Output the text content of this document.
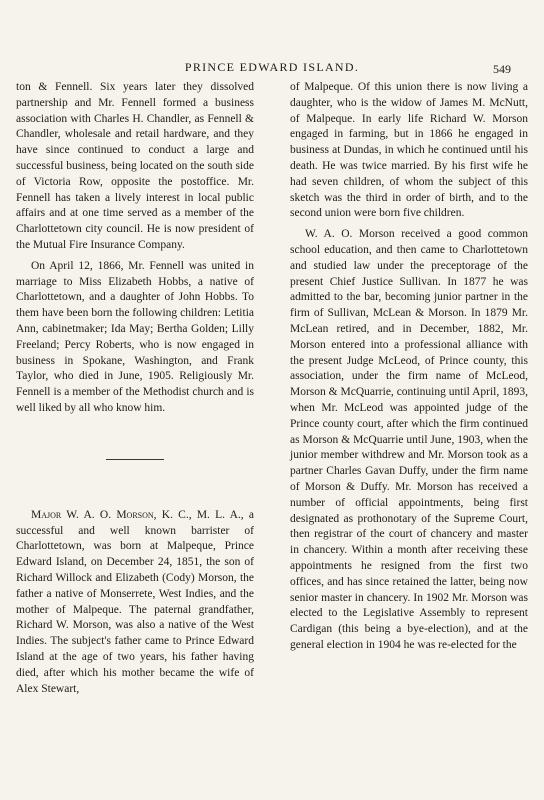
PRINCE EDWARD ISLAND.	549

ton & Fennell. Six years later they dissolved partnership and Mr. Fennell formed a business association with Charles H. Chandler, as Fennell & Chandler, wholesale and retail hardware, and they have since continued to conduct a large and successful business, being located on the south side of Victoria Row, opposite the postoffice. Mr. Fennell has taken a lively interest in local public affairs and at one time served as a member of the Charlottetown city council. He is now president of the Mutual Fire Insurance Company.

On April 12, 1866, Mr. Fennell was united in marriage to Miss Elizabeth Hobbs, a native of Charlottetown, and a daughter of John Hobbs. To them have been born the following children: Letitia Ann, cabinetmaker; Ida May; Bertha Golden; Lilly Freeland; Percy Roberts, who is now engaged in business in Spokane, Washington, and Frank Taylor, who died in June, 1905. Religiously Mr. Fennell is a member of the Methodist church and is well liked by all who know him.

Major W. A. O. Morson, K. C., M. L. A., a successful and well known barrister of Charlottetown, was born at Malpeque, Prince Edward Island, on December 24, 1851, the son of Richard Willock and Elizabeth (Cody) Morson, the father a native of Monserrete, West Indies, and the mother of Malpeque. The paternal grandfather, Richard W. Morson, was also a native of the West Indies. The subject's father came to Prince Edward Island at the age of two years, his father having died, after which his mother became the wife of Alex Stewart,

of Malpeque. Of this union there is now living a daughter, who is the widow of James M. McNutt, of Malpeque. In early life Richard W. Morson engaged in farming, but in 1866 he engaged in business at Dundas, in which he continued until his death. He was twice married. By his first wife he had seven children, of whom the subject of this sketch was the third in order of birth, and to the second union were born five children.

W. A. O. Morson received a good common school education, and then came to Charlottetown and studied law under the preceptorage of the present Chief Justice Sullivan. In 1877 he was admitted to the bar, becoming junior partner in the firm of Sullivan, McLean & Morson. In 1879 Mr. McLean retired, and in December, 1882, Mr. Morson entered into a professional alliance with the present Judge McLeod, of Prince county, this association, under the firm name of McLeod, Morson & McQuarrie, continuing until April, 1893, when Mr. McLeod was appointed judge of the Prince county court, after which the firm continued as Morson & McQuarrie until June, 1903, when the junior member withdrew and Mr. Morson took as a partner Charles Gavan Duffy, under the firm name of Morson & Duffy. Mr. Morson has received a number of official appointments, being first designated as prothonotary of the Supreme Court, then registrar of the court of chancery and master in chancery. Within a month after receiving these appointments he resigned from the first two offices, and has since retained the latter, being now senior master in chancery. In 1902 Mr. Morson was elected to the Legislative Assembly to represent Cardigan (this being a bye-election), and at the general election in 1904 he was re-elected for the
